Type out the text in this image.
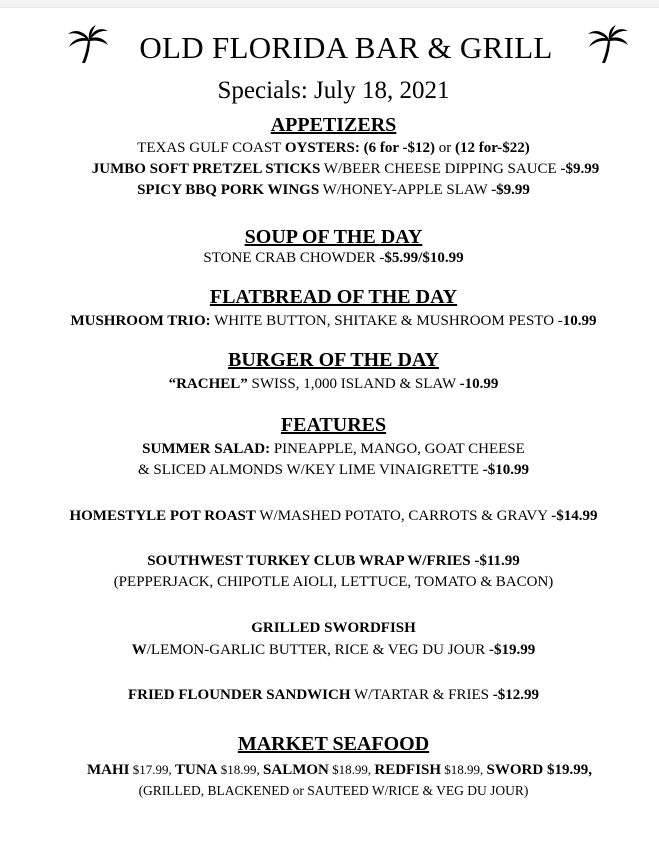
OLD FLORIDA BAR & GRILL
Specials: July 18, 2021
APPETIZERS
TEXAS GULF COAST OYSTERS: (6 for -$12) or (12 for-$22)
JUMBO SOFT PRETZEL STICKS W/BEER CHEESE DIPPING SAUCE -$9.99
SPICY BBQ PORK WINGS W/HONEY-APPLE SLAW -$9.99
SOUP OF THE DAY
STONE CRAB CHOWDER -$5.99/$10.99
FLATBREAD OF THE DAY
MUSHROOM TRIO: WHITE BUTTON, SHITAKE & MUSHROOM PESTO -10.99
BURGER OF THE DAY
“RACHEL” SWISS, 1,000 ISLAND & SLAW -10.99
FEATURES
SUMMER SALAD: PINEAPPLE, MANGO, GOAT CHEESE
& SLICED ALMONDS W/KEY LIME VINAIGRETTE -$10.99
HOMESTYLE POT ROAST W/MASHED POTATO, CARROTS & GRAVY -$14.99
SOUTHWEST TURKEY CLUB WRAP W/FRIES -$11.99
(PEPPERJACK, CHIPOTLE AIOLI, LETTUCE, TOMATO & BACON)
GRILLED SWORDFISH
W/LEMON-GARLIC BUTTER, RICE & VEG DU JOUR -$19.99
FRIED FLOUNDER SANDWICH W/TARTAR & FRIES -$12.99
MARKET SEAFOOD
MAHI $17.99, TUNA $18.99, SALMON $18.99, REDFISH $18.99, SWORD $19.99,
(GRILLED, BLACKENED or SAUTEED W/RICE & VEG DU JOUR)
